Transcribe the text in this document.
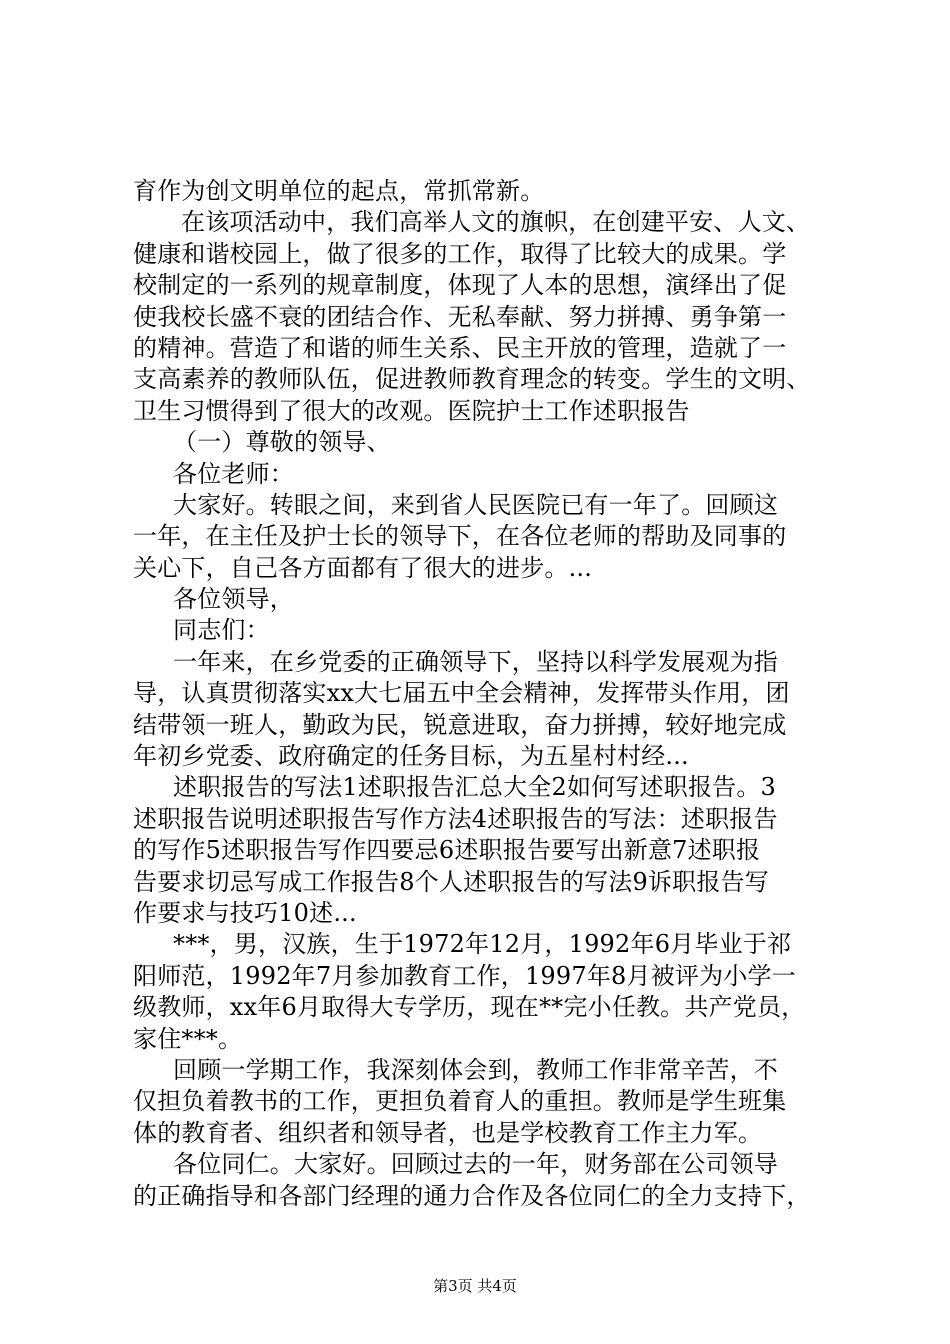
育作为创文明单位的起点，常抓常新。
在该项活动中，我们高举人文的旗帜，在创建平安、人文、
健康和谐校园上，做了很多的工作，取得了比较大的成果。学
校制定的一系列的规章制度，体现了人本的思想，演绎出了促
使我校长盛不衰的团结合作、无私奉献、努力拼搏、勇争第一
的精神。营造了和谐的师生关系、民主开放的管理，造就了一
支高素养的教师队伍，促进教师教育理念的转变。学生的文明、
卫生习惯得到了很大的改观。医院护士工作述职报告
（一）尊敬的领导、
各位老师：
大家好。转眼之间，来到省人民医院已有一年了。回顾这
一年，在主任及护士长的领导下，在各位老师的帮助及同事的
关心下，自己各方面都有了很大的进步。...
各位领导，
同志们：
一年来，在乡党委的正确领导下，坚持以科学发展观为指
导，认真贯彻落实xx大七届五中全会精神，发挥带头作用，团
结带领一班人，勤政为民，锐意进取，奋力拼搏，较好地完成
年初乡党委、政府确定的任务目标，为五星村村经...
述职报告的写法1述职报告汇总大全2如何写述职报告。3
述职报告说明述职报告写作方法4述职报告的写法：述职报告
的写作5述职报告写作四要忌6述职报告要写出新意7述职报
告要求切忌写成工作报告8个人述职报告的写法9诉职报告写
作要求与技巧10述...
***，男，汉族，生于1972年12月，1992年6月毕业于祁
阳师范，1992年7月参加教育工作，1997年8月被评为小学一
级教师，xx年6月取得大专学历，现在**完小任教。共产党员，
家住***。
回顾一学期工作，我深刻体会到，教师工作非常辛苦，不
仅担负着教书的工作，更担负着育人的重担。教师是学生班集
体的教育者、组织者和领导者，也是学校教育工作主力军。
各位同仁。大家好。回顾过去的一年，财务部在公司领导
的正确指导和各部门经理的通力合作及各位同仁的全力支持下，
第3页 共4页
